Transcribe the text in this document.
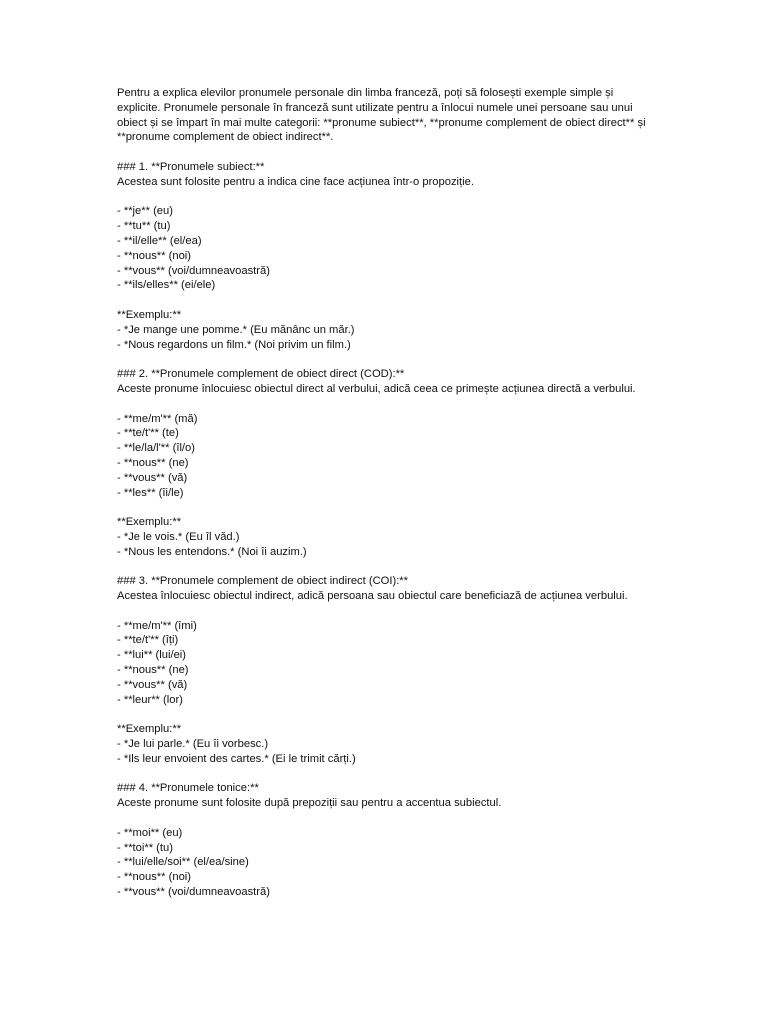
Pentru a explica elevilor pronumele personale din limba franceză, poți să folosești exemple simple și explicite. Pronumele personale în franceză sunt utilizate pentru a înlocui numele unei persoane sau unui obiect și se împart în mai multe categorii: **pronume subiect**, **pronume complement de obiect direct** și **pronume complement de obiect indirect**.

### 1. **Pronumele subiect:**

Acestea sunt folosite pentru a indica cine face acțiunea într-o propoziție.

- **je** (eu)

- **tu** (tu)

- **il/elle** (el/ea)

- **nous** (noi)

- **vous** (voi/dumneavoastră)

- **ils/elles** (ei/ele)

**Exemplu:**

- *Je mange une pomme.* (Eu mănânc un măr.)

- *Nous regardons un film.* (Noi privim un film.)

### 2. **Pronumele complement de obiect direct (COD):**

Aceste pronume înlocuiesc obiectul direct al verbului, adică ceea ce primește acțiunea directă a verbului.

- **me/m'** (mă)

- **te/t'** (te)

- **le/la/l'** (îl/o)

- **nous** (ne)

- **vous** (vă)

- **les** (îi/le)

**Exemplu:**

- *Je le vois.* (Eu îl văd.)

- *Nous les entendons.* (Noi îi auzim.)

### 3. **Pronumele complement de obiect indirect (COI):**

Acestea înlocuiesc obiectul indirect, adică persoana sau obiectul care beneficiază de acțiunea verbului.

- **me/m'** (îmi)

- **te/t'** (îți)

- **lui** (lui/ei)

- **nous** (ne)

- **vous** (vă)

- **leur** (lor)

**Exemplu:**

- *Je lui parle.* (Eu îi vorbesc.)

- *Ils leur envoient des cartes.* (Ei le trimit cărți.)

### 4. **Pronumele tonice:**

Aceste pronume sunt folosite după prepoziții sau pentru a accentua subiectul.

- **moi** (eu)

- **toi** (tu)

- **lui/elle/soi** (el/ea/sine)

- **nous** (noi)

- **vous** (voi/dumneavoastră)
